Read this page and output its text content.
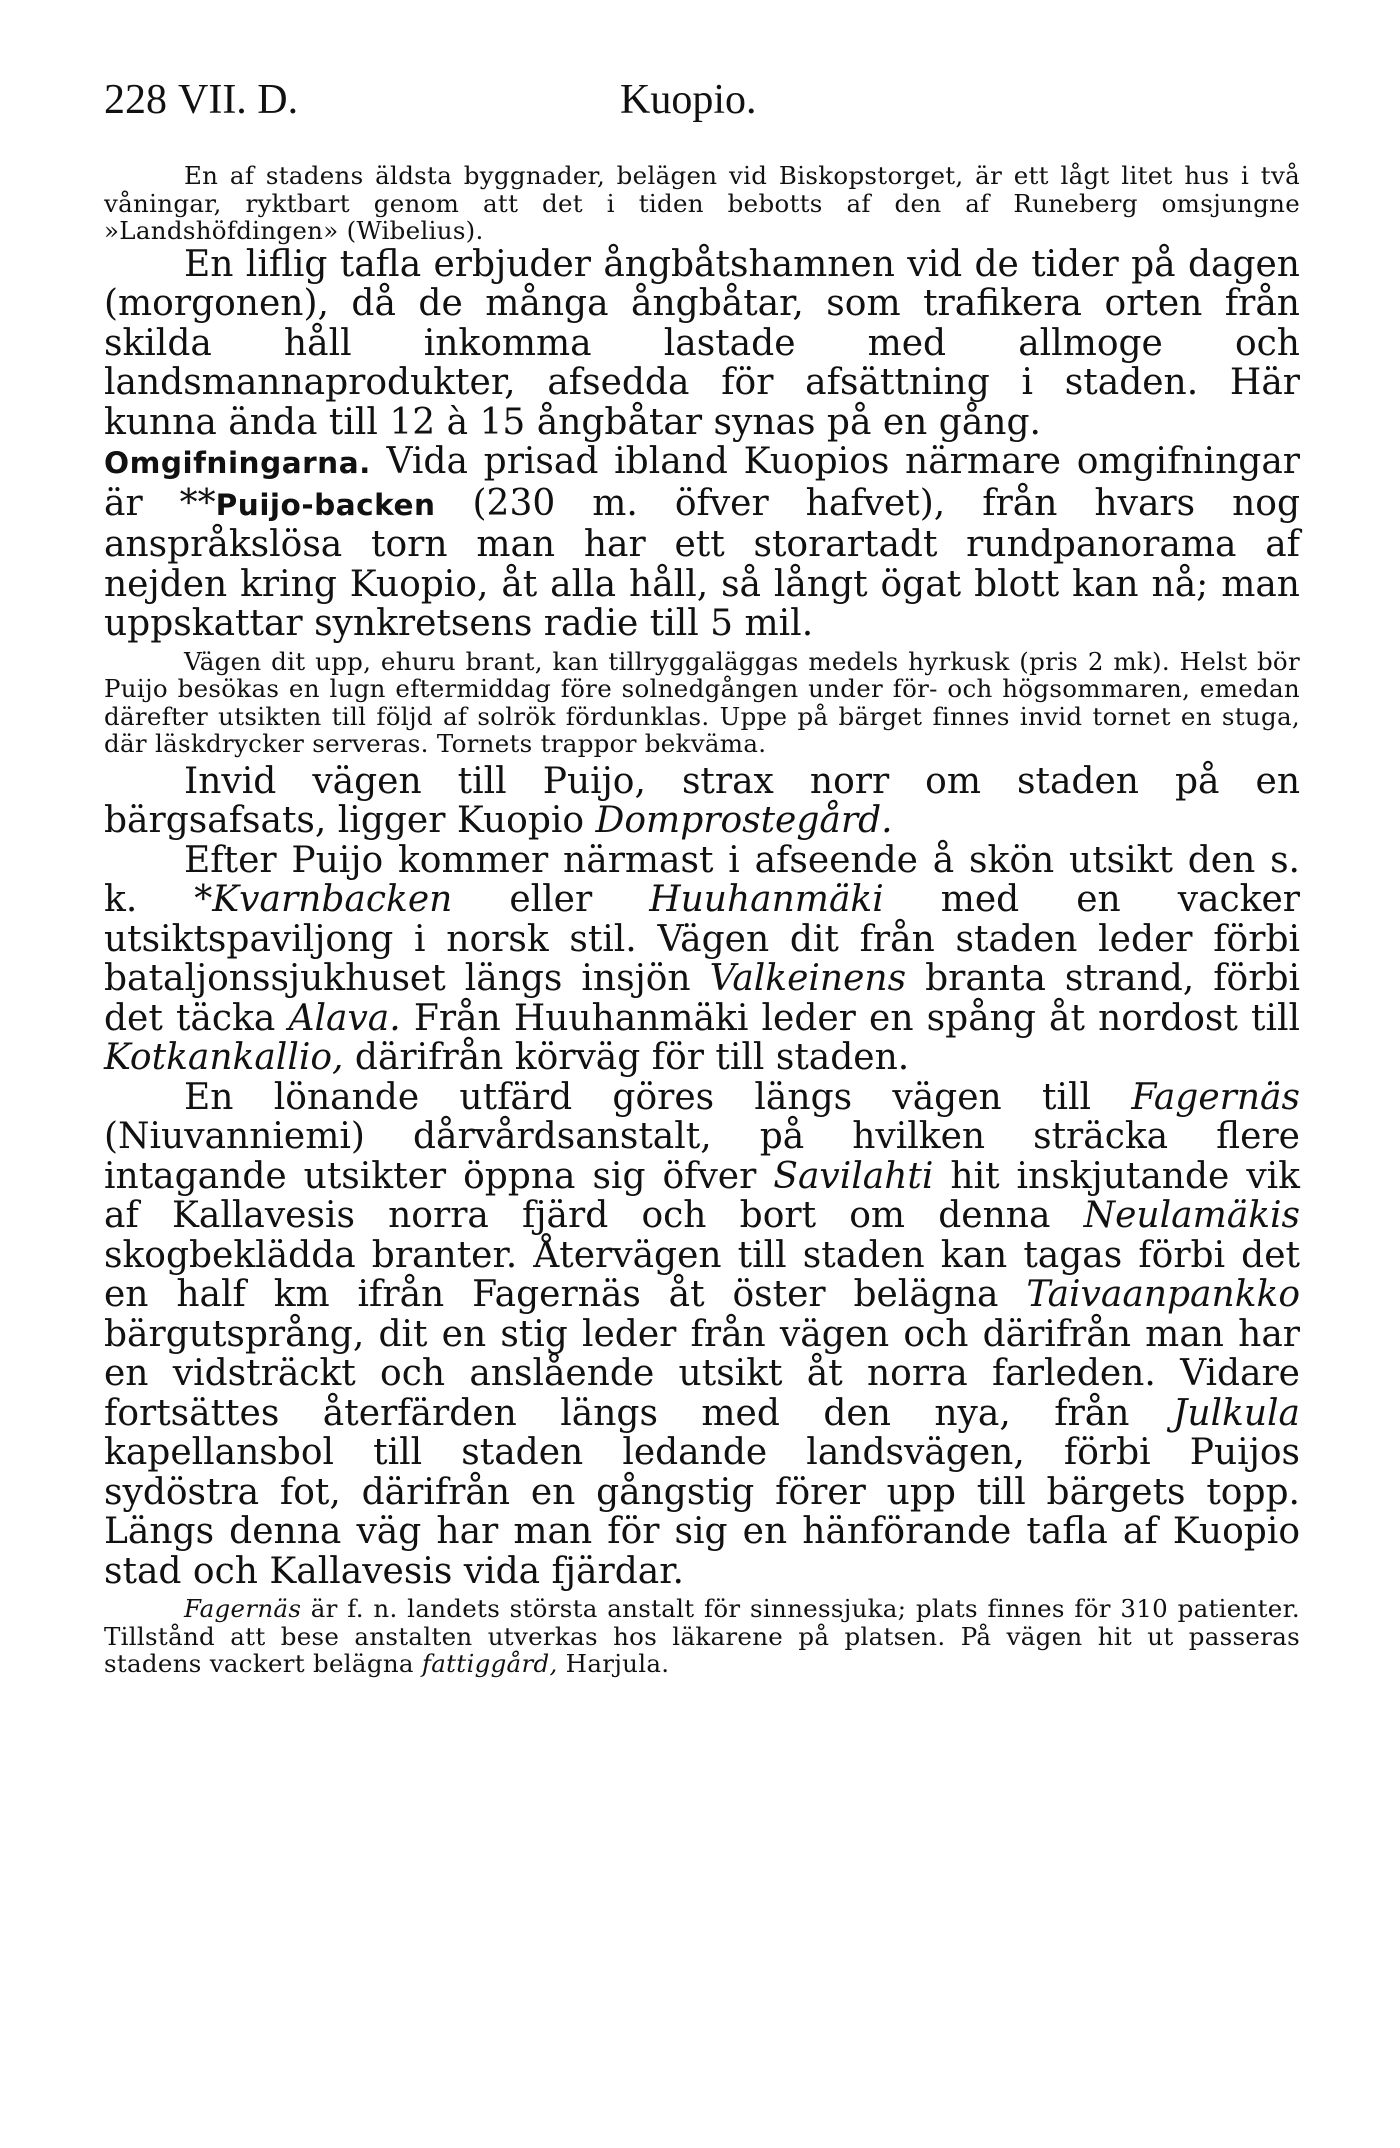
228 VII. D.	Kuopio.

En af stadens äldsta byggnader, belägen vid Biskopstorget, är ett lågt litet hus i två våningar, ryktbart genom att det i tiden bebotts af den af Runeberg omsjungne »Landshöfdingen» (Wibelius).

En liflig tafla erbjuder ångbåtshamnen vid de tider på dagen (morgonen), då de många ångbåtar, som trafikera orten från skilda håll inkomma lastade med allmoge och landsmannaprodukter, afsedda för afsättning i staden. Här kunna ända till 12 à 15 ångbåtar synas på en gång.

Omgifningarna. Vida prisad ibland Kuopios närmare omgifningar är **Puijo-backen (230 m. öfver hafvet), från hvars nog anspråkslösa torn man har ett storartadt rundpanorama af nejden kring Kuopio, åt alla håll, så långt ögat blott kan nå; man uppskattar synkretsens radie till 5 mil.

Vägen dit upp, ehuru brant, kan tillryggaläggas medels hyrkusk (pris 2 mk). Helst bör Puijo besökas en lugn eftermiddag före solnedgången under för- och högsommaren, emedan därefter utsikten till följd af solrök fördunklas. Uppe på bärget finnes invid tornet en stuga, där läskdrycker serveras. Tornets trappor bekväma.

Invid vägen till Puijo, strax norr om staden på en bärgsafsats, ligger Kuopio Domprostegård.

Efter Puijo kommer närmast i afseende å skön utsikt den s. k. *Kvarnbacken eller Huuhanmäki med en vacker utsiktspaviljong i norsk stil. Vägen dit från staden leder förbi bataljonssjukhuset längs insjön Valkeinens branta strand, förbi det täcka Alava. Från Huuhanmäki leder en spång åt nordost till Kotkankallio, därifrån körväg för till staden.

En lönande utfärd göres längs vägen till Fagernäs (Niuvanniemi) dårvårdsanstalt, på hvilken sträcka flere intagande utsikter öppna sig öfver Savilahti hit inskjutande vik af Kallavesis norra fjärd och bort om denna Neulamäkis skogbeklädda branter. Återvägen till staden kan tagas förbi det en half km ifrån Fagernäs åt öster belägna Taivaanpankko bärgutsprång, dit en stig leder från vägen och därifrån man har en vidsträckt och anslående utsikt åt norra farleden. Vidare fortsättes återfärden längs med den nya, från Julkula kapellansbol till staden ledande landsvägen, förbi Puijos sydöstra fot, därifrån en gångstig förer upp till bärgets topp. Längs denna väg har man för sig en hänförande tafla af Kuopio stad och Kallavesis vida fjärdar.

Fagernäs är f. n. landets största anstalt för sinnessjuka; plats finnes för 310 patienter. Tillstånd att bese anstalten utverkas hos läkarene på platsen. På vägen hit ut passeras stadens vackert belägna fattiggård, Harjula.
